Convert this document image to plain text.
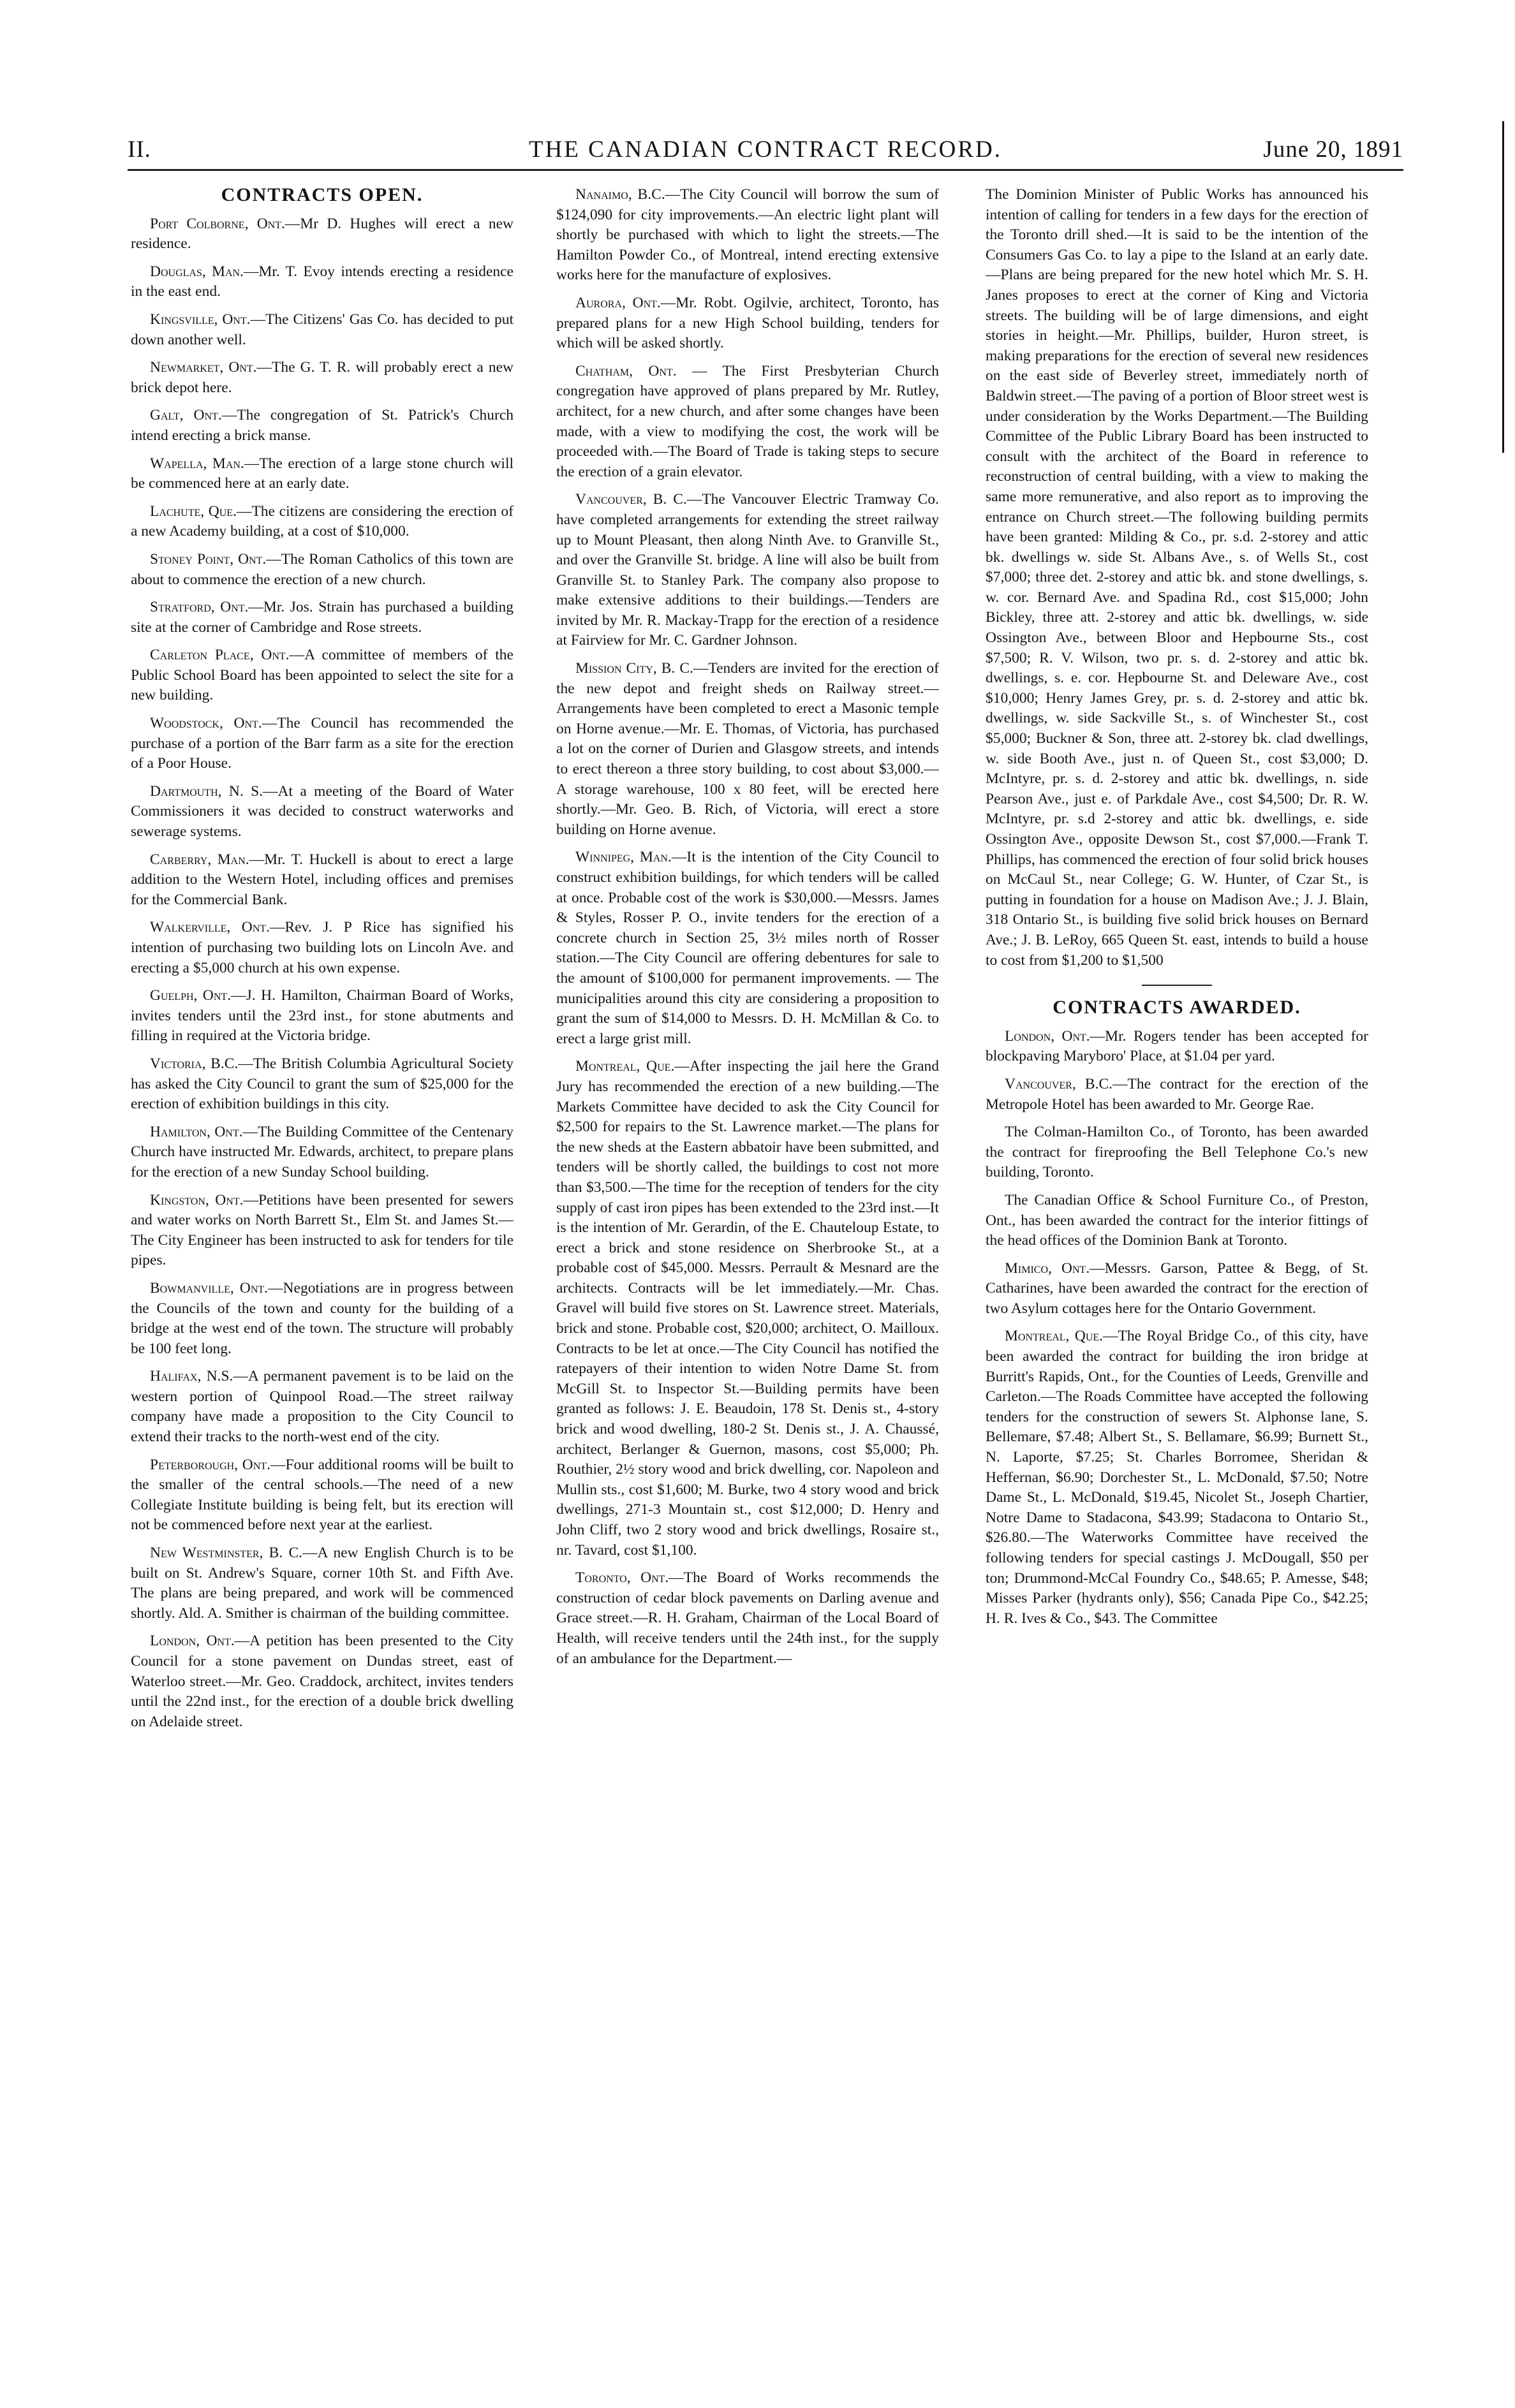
II.	THE CANADIAN CONTRACT RECORD.	June 20, 1891
CONTRACTS OPEN.

Port Colborne, Ont.—Mr D. Hughes will erect a new residence.

Douglas, Man.—Mr. T. Evoy intends erecting a residence in the east end.

Kingsville, Ont.—The Citizens' Gas Co. has decided to put down another well.

Newmarket, Ont.—The G. T. R. will probably erect a new brick depot here.

Galt, Ont.—The congregation of St. Patrick's Church intend erecting a brick manse.

Wapella, Man.—The erection of a large stone church will be commenced here at an early date.

Lachute, Que.—The citizens are considering the erection of a new Academy building, at a cost of $10,000.

Stoney Point, Ont.—The Roman Catholics of this town are about to commence the erection of a new church.

Stratford, Ont.—Mr. Jos. Strain has purchased a building site at the corner of Cambridge and Rose streets.

Carleton Place, Ont.—A committee of members of the Public School Board has been appointed to select the site for a new building.

Woodstock, Ont.—The Council has recommended the purchase of a portion of the Barr farm as a site for the erection of a Poor House.

Dartmouth, N. S.—At a meeting of the Board of Water Commissioners it was decided to construct waterworks and sewerage systems.

Carberry, Man.—Mr. T. Huckell is about to erect a large addition to the Western Hotel, including offices and premises for the Commercial Bank.

Walkerville, Ont.—Rev. J. P Rice has signified his intention of purchasing two building lots on Lincoln Ave. and erecting a $5,000 church at his own expense.

Guelph, Ont.—J. H. Hamilton, Chairman Board of Works, invites tenders until the 23rd inst., for stone abutments and filling in required at the Victoria bridge.

Victoria, B.C.—The British Columbia Agricultural Society has asked the City Council to grant the sum of $25,000 for the erection of exhibition buildings in this city.

Hamilton, Ont.—The Building Committee of the Centenary Church have instructed Mr. Edwards, architect, to prepare plans for the erection of a new Sunday School building.

Kingston, Ont.—Petitions have been presented for sewers and water works on North Barrett St., Elm St. and James St.—The City Engineer has been instructed to ask for tenders for tile pipes.

Bowmanville, Ont.—Negotiations are in progress between the Councils of the town and county for the building of a bridge at the west end of the town. The structure will probably be 100 feet long.

Halifax, N.S.—A permanent pavement is to be laid on the western portion of Quinpool Road.—The street railway company have made a proposition to the City Council to extend their tracks to the north-west end of the city.

Peterborough, Ont.—Four additional rooms will be built to the smaller of the central schools.—The need of a new Collegiate Institute building is being felt, but its erection will not be commenced before next year at the earliest.

New Westminster, B. C.—A new English Church is to be built on St. Andrew's Square, corner 10th St. and Fifth Ave. The plans are being prepared, and work will be commenced shortly. Ald. A. Smither is chairman of the building committee.

London, Ont.—A petition has been presented to the City Council for a stone pavement on Dundas street, east of Waterloo street.—Mr. Geo. Craddock, architect, invites tenders until the 22nd inst., for the erection of a double brick dwelling on Adelaide street.

Nanaimo, B.C.—The City Council will borrow the sum of $124,090 for city improvements.—An electric light plant will shortly be purchased with which to light the streets.—The Hamilton Powder Co., of Montreal, intend erecting extensive works here for the manufacture of explosives.

Aurora, Ont.—Mr. Robt. Ogilvie, architect, Toronto, has prepared plans for a new High School building, tenders for which will be asked shortly.

Chatham, Ont. — The First Presbyterian Church congregation have approved of plans prepared by Mr. Rutley, architect, for a new church, and after some changes have been made, with a view to modifying the cost, the work will be proceeded with.—The Board of Trade is taking steps to secure the erection of a grain elevator.

Vancouver, B. C.—The Vancouver Electric Tramway Co. have completed arrangements for extending the street railway up to Mount Pleasant, then along Ninth Ave. to Granville St., and over the Granville St. bridge. A line will also be built from Granville St. to Stanley Park. The company also propose to make extensive additions to their buildings.—Tenders are invited by Mr. R. Mackay-Trapp for the erection of a residence at Fairview for Mr. C. Gardner Johnson.

Mission City, B. C.—Tenders are invited for the erection of the new depot and freight sheds on Railway street.—Arrangements have been completed to erect a Masonic temple on Horne avenue.—Mr. E. Thomas, of Victoria, has purchased a lot on the corner of Durien and Glasgow streets, and intends to erect thereon a three story building, to cost about $3,000.—A storage warehouse, 100 x 80 feet, will be erected here shortly.—Mr. Geo. B. Rich, of Victoria, will erect a store building on Horne avenue.

Winnipeg, Man.—It is the intention of the City Council to construct exhibition buildings, for which tenders will be called at once. Probable cost of the work is $30,000.—Messrs. James & Styles, Rosser P. O., invite tenders for the erection of a concrete church in Section 25, 3½ miles north of Rosser station.—The City Council are offering debentures for sale to the amount of $100,000 for permanent improvements. — The municipalities around this city are considering a proposition to grant the sum of $14,000 to Messrs. D. H. McMillan & Co. to erect a large grist mill.

Montreal, Que.—After inspecting the jail here the Grand Jury has recommended the erection of a new building.—The Markets Committee have decided to ask the City Council for $2,500 for repairs to the St. Lawrence market.—The plans for the new sheds at the Eastern abbatoir have been submitted, and tenders will be shortly called, the buildings to cost not more than $3,500.—The time for the reception of tenders for the city supply of cast iron pipes has been extended to the 23rd inst.—It is the intention of Mr. Gerardin, of the E. Chauteloup Estate, to erect a brick and stone residence on Sherbrooke St., at a probable cost of $45,000. Messrs. Perrault & Mesnard are the architects. Contracts will be let immediately.—Mr. Chas. Gravel will build five stores on St. Lawrence street. Materials, brick and stone. Probable cost, $20,000; architect, O. Mailloux. Contracts to be let at once.—The City Council has notified the ratepayers of their intention to widen Notre Dame St. from McGill St. to Inspector St.—Building permits have been granted as follows: J. E. Beaudoin, 178 St. Denis st., 4-story brick and wood dwelling, 180-2 St. Denis st., J. A. Chaussé, architect, Berlanger & Guernon, masons, cost $5,000; Ph. Routhier, 2½ story wood and brick dwelling, cor. Napoleon and Mullin sts., cost $1,600; M. Burke, two 4 story wood and brick dwellings, 271-3 Mountain st., cost $12,000; D. Henry and John Cliff, two 2 story wood and brick dwellings, Rosaire st., nr. Tavard, cost $1,100.

Toronto, Ont.—The Board of Works recommends the construction of cedar block pavements on Darling avenue and Grace street.—R. H. Graham, Chairman of the Local Board of Health, will receive tenders until the 24th inst., for the supply of an ambulance for the Department.—

The Dominion Minister of Public Works has announced his intention of calling for tenders in a few days for the erection of the Toronto drill shed.—It is said to be the intention of the Consumers Gas Co. to lay a pipe to the Island at an early date.—Plans are being prepared for the new hotel which Mr. S. H. Janes proposes to erect at the corner of King and Victoria streets. The building will be of large dimensions, and eight stories in height.—Mr. Phillips, builder, Huron street, is making preparations for the erection of several new residences on the east side of Beverley street, immediately north of Baldwin street.—The paving of a portion of Bloor street west is under consideration by the Works Department.—The Building Committee of the Public Library Board has been instructed to consult with the architect of the Board in reference to reconstruction of central building, with a view to making the same more remunerative, and also report as to improving the entrance on Church street.—The following building permits have been granted: Milding & Co., pr. s.d. 2-storey and attic bk. dwellings w. side St. Albans Ave., s. of Wells St., cost $7,000; three det. 2-storey and attic bk. and stone dwellings, s. w. cor. Bernard Ave. and Spadina Rd., cost $15,000; John Bickley, three att. 2-storey and attic bk. dwellings, w. side Ossington Ave., between Bloor and Hepbourne Sts., cost $7,500; R. V. Wilson, two pr. s. d. 2-storey and attic bk. dwellings, s. e. cor. Hepbourne St. and Deleware Ave., cost $10,000; Henry James Grey, pr. s. d. 2-storey and attic bk. dwellings, w. side Sackville St., s. of Winchester St., cost $5,000; Buckner & Son, three att. 2-storey bk. clad dwellings, w. side Booth Ave., just n. of Queen St., cost $3,000; D. McIntyre, pr. s. d. 2-storey and attic bk. dwellings, n. side Pearson Ave., just e. of Parkdale Ave., cost $4,500; Dr. R. W. McIntyre, pr. s.d 2-storey and attic bk. dwellings, e. side Ossington Ave., opposite Dewson St., cost $7,000.—Frank T. Phillips, has commenced the erection of four solid brick houses on McCaul St., near College; G. W. Hunter, of Czar St., is putting in foundation for a house on Madison Ave.; J. J. Blain, 318 Ontario St., is building five solid brick houses on Bernard Ave.; J. B. LeRoy, 665 Queen St. east, intends to build a house to cost from $1,200 to $1,500

CONTRACTS AWARDED.

London, Ont.—Mr. Rogers tender has been accepted for blockpaving Maryboro' Place, at $1.04 per yard.

Vancouver, B.C.—The contract for the erection of the Metropole Hotel has been awarded to Mr. George Rae.

The Colman-Hamilton Co., of Toronto, has been awarded the contract for fireproofing the Bell Telephone Co.'s new building, Toronto.

The Canadian Office & School Furniture Co., of Preston, Ont., has been awarded the contract for the interior fittings of the head offices of the Dominion Bank at Toronto.

Mimico, Ont.—Messrs. Garson, Pattee & Begg, of St. Catharines, have been awarded the contract for the erection of two Asylum cottages here for the Ontario Government.

Montreal, Que.—The Royal Bridge Co., of this city, have been awarded the contract for building the iron bridge at Burritt's Rapids, Ont., for the Counties of Leeds, Grenville and Carleton.—The Roads Committee have accepted the following tenders for the construction of sewers St. Alphonse lane, S. Bellemare, $7.48; Albert St., S. Bellamare, $6.99; Burnett St., N. Laporte, $7.25; St. Charles Borromee, Sheridan & Heffernan, $6.90; Dorchester St., L. McDonald, $7.50; Notre Dame St., L. McDonald, $19.45, Nicolet St., Joseph Chartier, Notre Dame to Stadacona, $43.99; Stadacona to Ontario St., $26.80.—The Waterworks Committee have received the following tenders for special castings J. McDougall, $50 per ton; Drummond-McCal Foundry Co., $48.65; P. Amesse, $48; Misses Parker (hydrants only), $56; Canada Pipe Co., $42.25; H. R. Ives & Co., $43. The Committee
